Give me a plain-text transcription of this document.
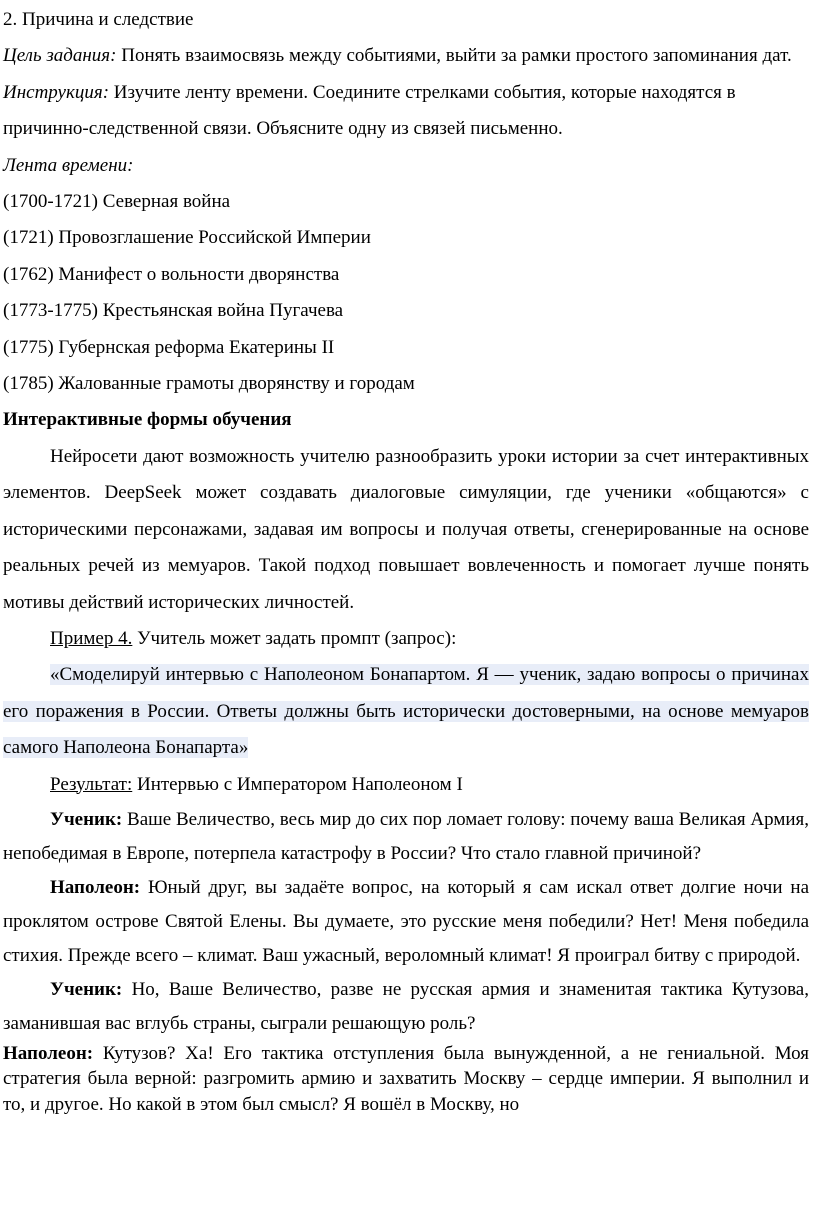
2. Причина и следствие

Цель задания: Понять взаимосвязь между событиями, выйти за рамки простого запоминания дат.

Инструкция: Изучите ленту времени. Соедините стрелками события, которые находятся в причинно-следственной связи. Объясните одну из связей письменно.

Лента времени:

(1700-1721) Северная война

(1721) Провозглашение Российской Империи

(1762) Манифест о вольности дворянства

(1773-1775) Крестьянская война Пугачева

(1775) Губернская реформа Екатерины II

(1785) Жалованные грамоты дворянству и городам

Интерактивные формы обучения

Нейросети дают возможность учителю разнообразить уроки истории за счет интерактивных элементов. DeepSeek может создавать диалоговые симуляции, где ученики «общаются» с историческими персонажами, задавая им вопросы и получая ответы, сгенерированные на основе реальных речей из мемуаров. Такой подход повышает вовлеченность и помогает лучше понять мотивы действий исторических личностей.

Пример 4. Учитель может задать промпт (запрос):

«Смоделируй интервью с Наполеоном Бонапартом. Я — ученик, задаю вопросы о причинах его поражения в России. Ответы должны быть исторически достоверными, на основе мемуаров самого Наполеона Бонапарта»

Результат: Интервью с Императором Наполеоном I

Ученик: Ваше Величество, весь мир до сих пор ломает голову: почему ваша Великая Армия, непобедимая в Европе, потерпела катастрофу в России? Что стало главной причиной?

Наполеон: Юный друг, вы задаёте вопрос, на который я сам искал ответ долгие ночи на проклятом острове Святой Елены. Вы думаете, это русские меня победили? Нет! Меня победила стихия. Прежде всего – климат. Ваш ужасный, вероломный климат! Я проиграл битву с природой.

Ученик: Но, Ваше Величество, разве не русская армия и знаменитая тактика Кутузова, заманившая вас вглубь страны, сыграли решающую роль?

Наполеон: Кутузов? Ха! Его тактика отступления была вынужденной, а не гениальной. Моя стратегия была верной: разгромить армию и захватить Москву – сердце империи. Я выполнил и то, и другое. Но какой в этом был смысл? Я вошёл в Москву, но
